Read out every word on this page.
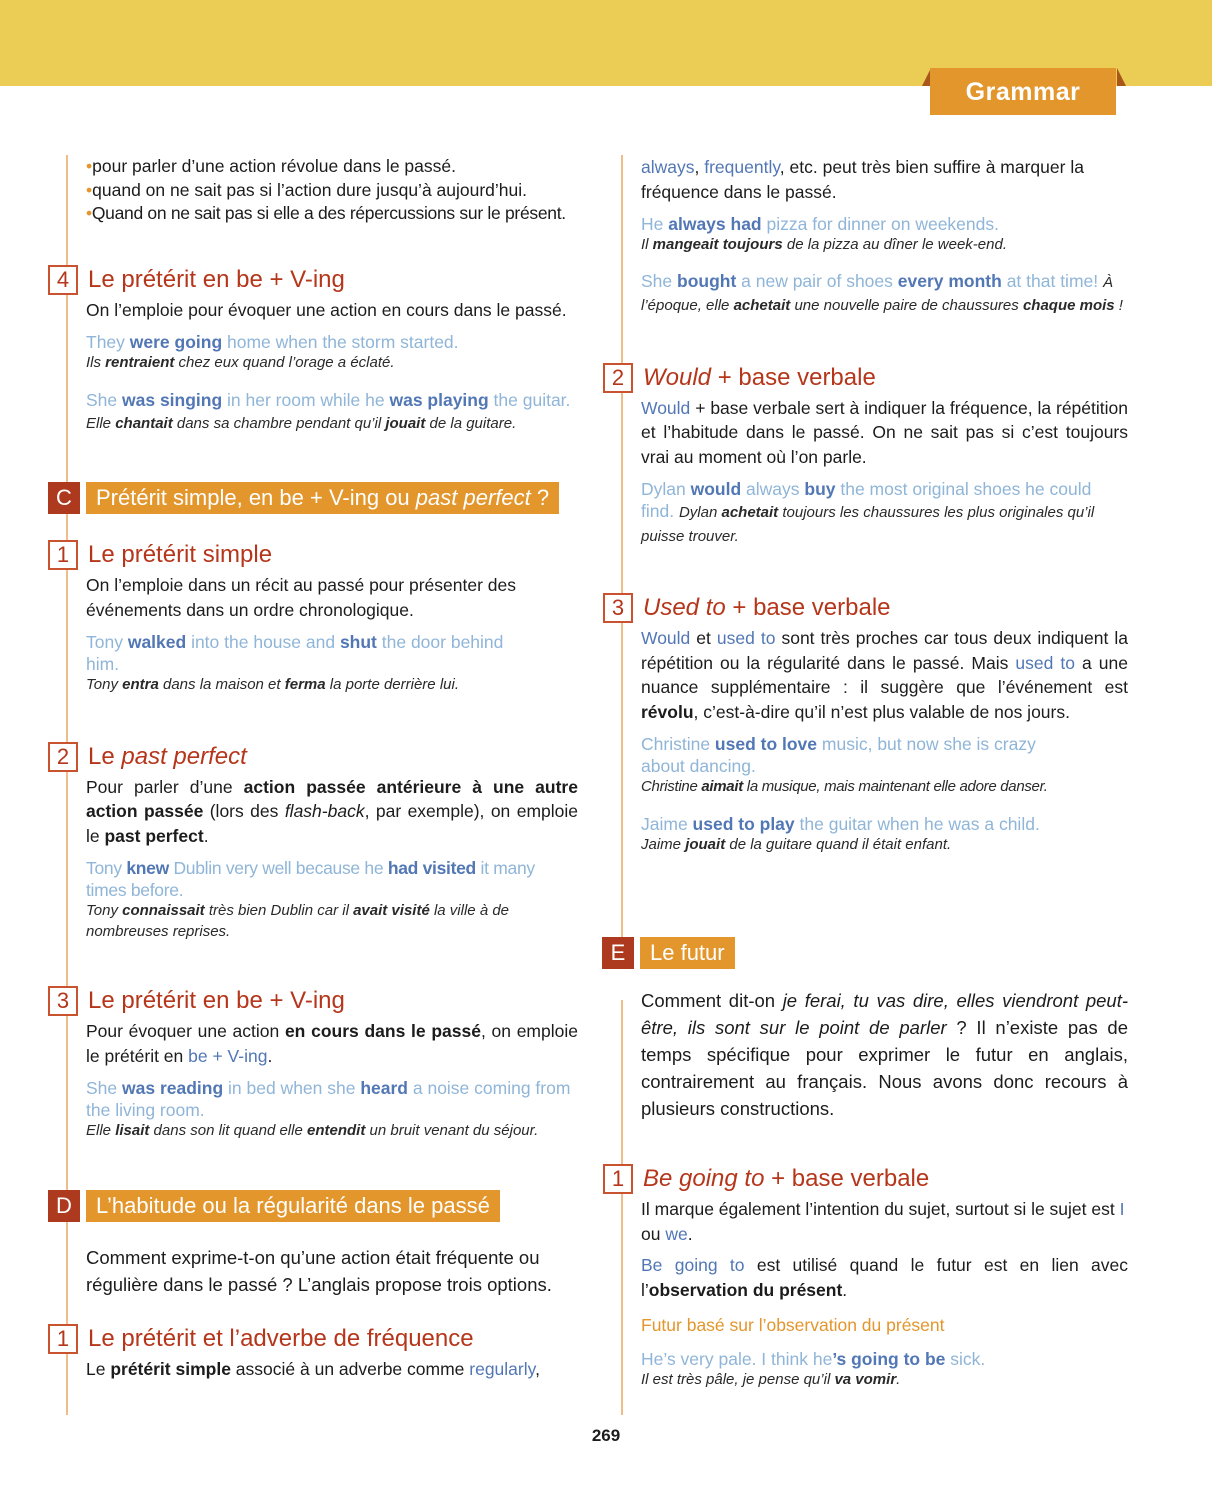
Grammar

•pour parler d’une action révolue dans le passé.

•quand on ne sait pas si l’action dure jusqu’à aujourd’hui.

•Quand on ne sait pas si elle a des répercussions sur le présent.

4 Le prétérit en be + V-ing

On l’emploie pour évoquer une action en cours dans le passé.

They were going home when the storm started.

Ils rentraient chez eux quand l’orage a éclaté.

She was singing in her room while he was playing the guitar. Elle chantait dans sa chambre pendant qu’il jouait de la guitare.

C	Prétérit simple, en be + V-ing ou past perfect ?
1 Le prétérit simple

On l’emploie dans un récit au passé pour présenter des événements dans un ordre chronologique.

Tony walked into the house and shut the door behind him.

Tony entra dans la maison et ferma la porte derrière lui.

2 Le past perfect

Pour parler d’une action passée antérieure à une autre action passée (lors des flash-back, par exemple), on emploie le past perfect.

Tony knew Dublin very well because he had visited it many times before.

Tony connaissait très bien Dublin car il avait visité la ville à de nombreuses reprises.

3 Le prétérit en be + V-ing

Pour évoquer une action en cours dans le passé, on emploie le prétérit en be + V-ing.

She was reading in bed when she heard a noise coming from the living room.

Elle lisait dans son lit quand elle entendit un bruit venant du séjour.

D	L’habitude ou la régularité dans le passé

Comment exprime-t-on qu’une action était fréquente ou régulière dans le passé ? L’anglais propose trois options.

1 Le prétérit et l’adverbe de fréquence

Le prétérit simple associé à un adverbe comme regularly,

always, frequently, etc. peut très bien suffire à marquer la fréquence dans le passé.

He always had pizza for dinner on weekends.

Il mangeait toujours de la pizza au dîner le week-end.

She bought a new pair of shoes every month at that time! À l’époque, elle achetait une nouvelle paire de chaussures chaque mois !

2 Would + base verbale

Would + base verbale sert à indiquer la fréquence, la répétition et l’habitude dans le passé. On ne sait pas si c’est toujours vrai au moment où l’on parle.

Dylan would always buy the most original shoes he could find. Dylan achetait toujours les chaussures les plus originales qu’il puisse trouver.

3 Used to + base verbale

Would et used to sont très proches car tous deux indiquent la répétition ou la régularité dans le passé. Mais used to a une nuance supplémentaire : il suggère que l’événement est révolu, c’est-à-dire qu’il n’est plus valable de nos jours.

Christine used to love music, but now she is crazy about dancing.

Christine aimait la musique, mais maintenant elle adore danser.

Jaime used to play the guitar when he was a child.

Jaime jouait de la guitare quand il était enfant.

E	Le futur

Comment dit-on je ferai, tu vas dire, elles viendront peut-être, ils sont sur le point de parler ? Il n’existe pas de temps spécifique pour exprimer le futur en anglais, contrairement au français. Nous avons donc recours à plusieurs constructions.

1 Be going to + base verbale

Il marque également l’intention du sujet, surtout si le sujet est I ou we.

Be going to est utilisé quand le futur est en lien avec l’observation du présent.

Futur basé sur l’observation du présent

He’s very pale. I think he’s going to be sick.

Il est très pâle, je pense qu’il va vomir.

269
